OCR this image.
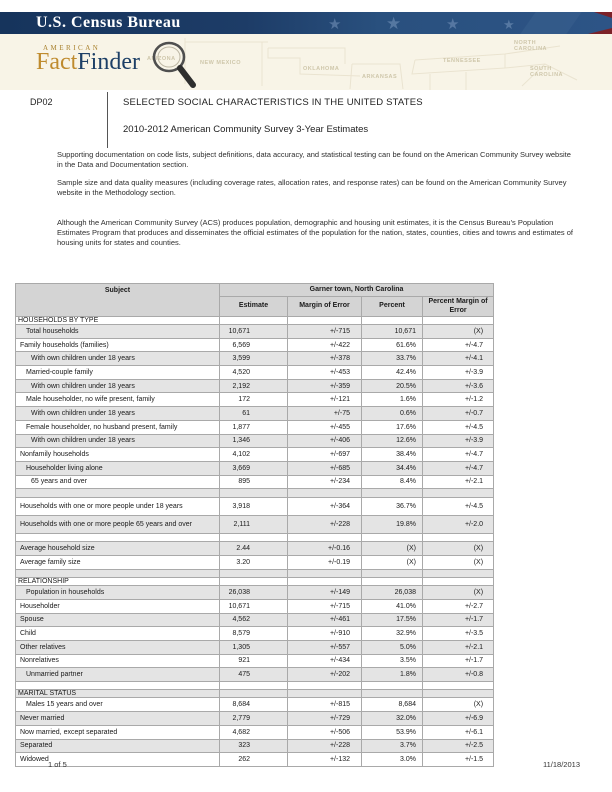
★	★	★	★
U.S. Census Bureau
ARIZONA
NEW MEXICO
OKLAHOMA
ARKANSAS
TENNESSEE
NORTH CAROLINA
SOUTH CAROLINA
AMERICAN
FactFinder
DP02	SELECTED SOCIAL CHARACTERISTICS IN THE UNITED STATES
2010-2012 American Community Survey 3-Year Estimates

Supporting documentation on code lists, subject definitions, data accuracy, and statistical testing can be found on the American Community Survey website in the Data and Documentation section.

Sample size and data quality measures (including coverage rates, allocation rates, and response rates) can be found on the American Community Survey website in the Methodology section.

Although the American Community Survey (ACS) produces population, demographic and housing unit estimates, it is the Census Bureau's Population Estimates Program that produces and disseminates the official estimates of the population for the nation, states, counties, cities and towns and estimates of housing units for states and counties.

Subject	Garner town, North Carolina			
	Estimate	Margin of Error	Percent	Percent Margin of Error
HOUSEHOLDS BY TYPE				
Total households	10,671	+/-715	10,671	(X)
Family households (families)	6,569	+/-422	61.6%	+/-4.7
With own children under 18 years	3,599	+/-378	33.7%	+/-4.1
Married-couple family	4,520	+/-453	42.4%	+/-3.9
With own children under 18 years	2,192	+/-359	20.5%	+/-3.6
Male householder, no wife present, family	172	+/-121	1.6%	+/-1.2
With own children under 18 years	61	+/-75	0.6%	+/-0.7
Female householder, no husband present, family	1,877	+/-455	17.6%	+/-4.5
With own children under 18 years	1,346	+/-406	12.6%	+/-3.9
Nonfamily households	4,102	+/-697	38.4%	+/-4.7
Householder living alone	3,669	+/-685	34.4%	+/-4.7
65 years and over	895	+/-234	8.4%	+/-2.1

Households with one or more people under 18 years	3,918	+/-364	36.7%	+/-4.5
Households with one or more people 65 years and over	2,111	+/-228	19.8%	+/-2.0

Average household size	2.44	+/-0.16	(X)	(X)
Average family size	3.20	+/-0.19	(X)	(X)

RELATIONSHIP				
Population in households	26,038	+/-149	26,038	(X)
Householder	10,671	+/-715	41.0%	+/-2.7
Spouse	4,562	+/-461	17.5%	+/-1.7
Child	8,579	+/-910	32.9%	+/-3.5
Other relatives	1,305	+/-557	5.0%	+/-2.1
Nonrelatives	921	+/-434	3.5%	+/-1.7
Unmarried partner	475	+/-202	1.8%	+/-0.8

MARITAL STATUS				
Males 15 years and over	8,684	+/-815	8,684	(X)
Never married	2,779	+/-729	32.0%	+/-6.9
Now married, except separated	4,682	+/-506	53.9%	+/-6.1
Separated	323	+/-228	3.7%	+/-2.5
Widowed	262	+/-132	3.0%	+/-1.5
1 of 5	11/18/2013
